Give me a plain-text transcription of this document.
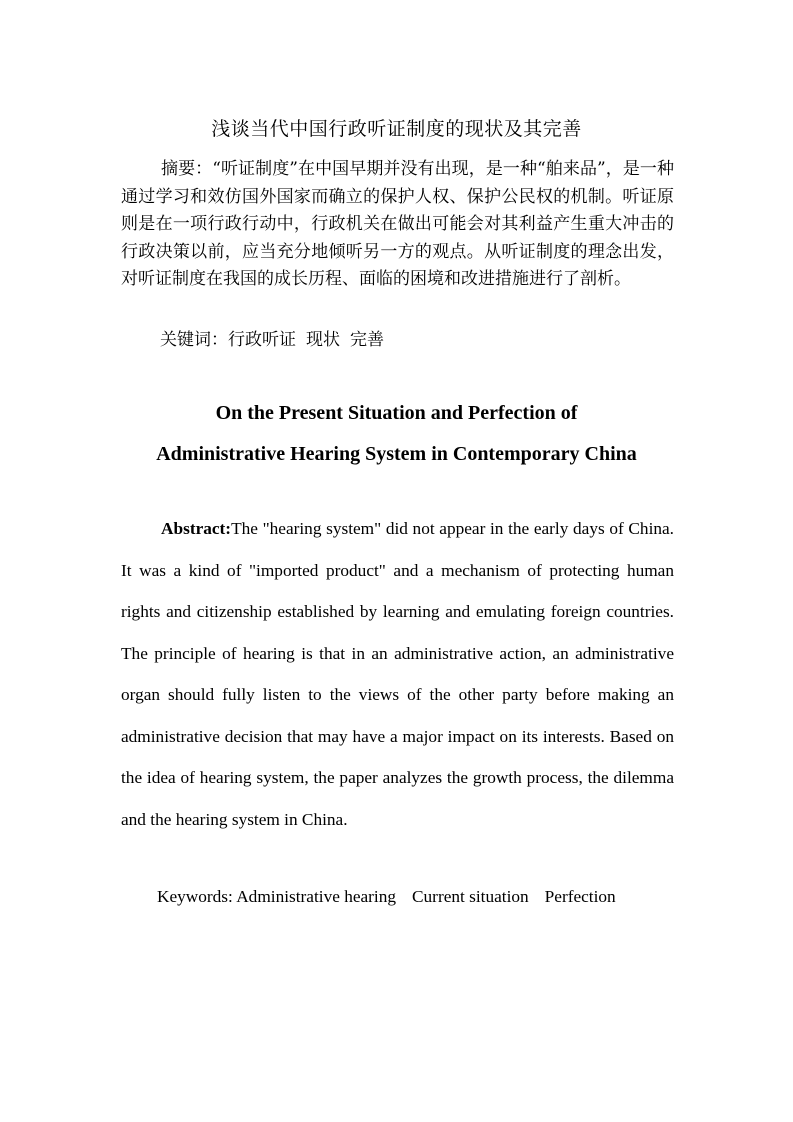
浅谈当代中国行政听证制度的现状及其完善

摘要：“听证制度”在中国早期并没有出现，是一种“舶来品”，是一种通过学习和效仿国外国家而确立的保护人权、保护公民权的机制。听证原则是在一项行政行动中，行政机关在做出可能会对其利益产生重大冲击的行政决策以前，应当充分地倾听另一方的观点。从听证制度的理念出发，对听证制度在我国的成长历程、面临的困境和改进措施进行了剖析。

关键词：行政听证 现状 完善

On the Present Situation and Perfection of
Administrative Hearing System in Contemporary China

Abstract:The "hearing system" did not appear in the early days of China. It was a kind of "imported product" and a mechanism of protecting human rights and citizenship established by learning and emulating foreign countries. The principle of hearing is that in an administrative action, an administrative organ should fully listen to the views of the other party before making an administrative decision that may have a major impact on its interests. Based on the idea of hearing system, the paper analyzes the growth process, the dilemma and the hearing system in China.

Keywords: Administrative hearing Current situation Perfection
